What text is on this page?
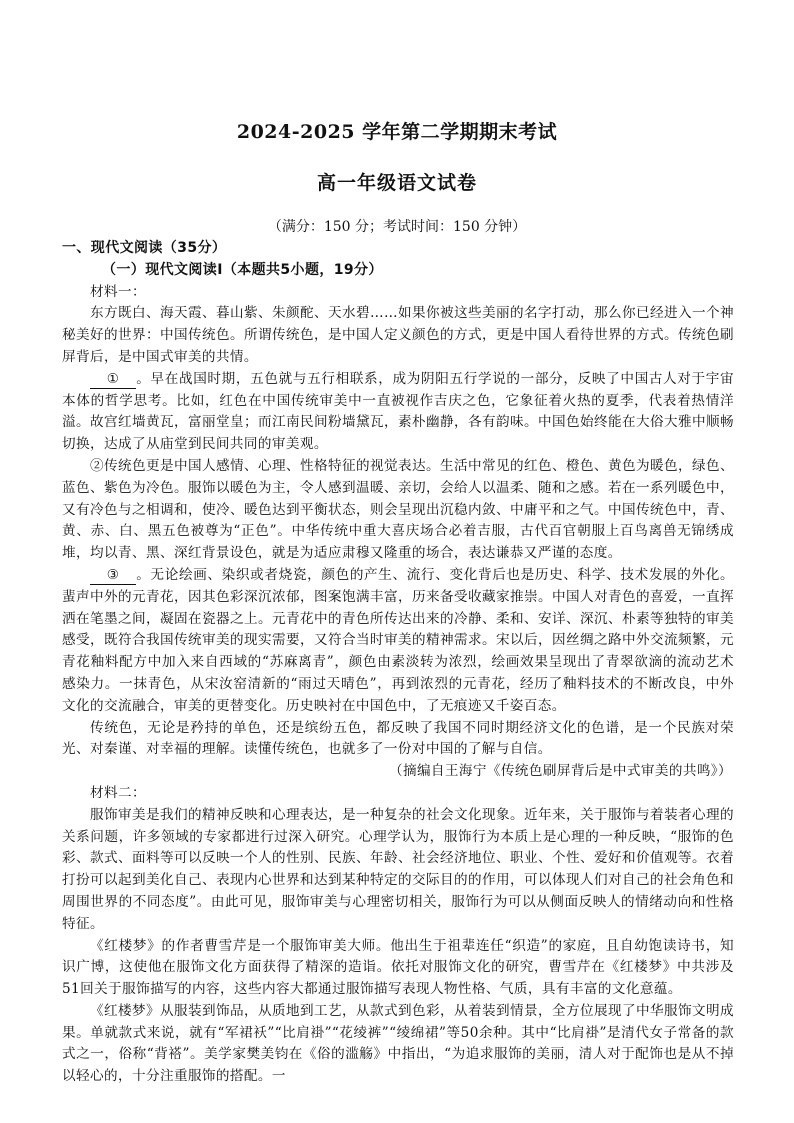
2024-2025 学年第二学期期末考试
高一年级语文试卷
（满分：150 分；考试时间：150 分钟）

一、现代文阅读（35分）

（一）现代文阅读Ⅰ（本题共5小题，19分）

材料一：

东方既白、海天霞、暮山紫、朱颜酡、天水碧……如果你被这些美丽的名字打动，那么你已经进入一个神秘美好的世界：中国传统色。所谓传统色，是中国人定义颜色的方式，更是中国人看待世界的方式。传统色刷屏背后，是中国式审美的共情。

① 。早在战国时期，五色就与五行相联系，成为阴阳五行学说的一部分，反映了中国古人对于宇宙本体的哲学思考。比如，红色在中国传统审美中一直被视作吉庆之色，它象征着火热的夏季，代表着热情洋溢。故宫红墙黄瓦，富丽堂皇；而江南民间粉墙黛瓦，素朴幽静，各有韵味。中国色始终能在大俗大雅中顺畅切换，达成了从庙堂到民间共同的审美观。

②传统色更是中国人感情、心理、性格特征的视觉表达。生活中常见的红色、橙色、黄色为暖色，绿色、蓝色、紫色为冷色。服饰以暖色为主，令人感到温暖、亲切，会给人以温柔、随和之感。若在一系列暖色中，又有冷色与之相调和，使冷、暖色达到平衡状态，则会呈现出沉稳内敛、中庸平和之气。中国传统色中，青、黄、赤、白、黑五色被尊为“正色”。中华传统中重大喜庆场合必着吉服，古代百官朝服上百鸟离兽无锦绣成堆，均以青、黑、深红背景设色，就是为适应肃穆又隆重的场合，表达谦恭又严谨的态度。

③ 。无论绘画、染织或者烧瓷，颜色的产生、流行、变化背后也是历史、科学、技术发展的外化。蜚声中外的元青花，因其色彩深沉浓郁，图案饱满丰富，历来备受收藏家推崇。中国人对青色的喜爱，一直挥洒在笔墨之间，凝固在瓷器之上。元青花中的青色所传达出来的冷静、柔和、安详、深沉、朴素等独特的审美感受，既符合我国传统审美的现实需要，又符合当时审美的精神需求。宋以后，因丝绸之路中外交流频繁，元青花釉料配方中加入来自西域的“苏麻离青”，颜色由素淡转为浓烈，绘画效果呈现出了青翠欲滴的流动艺术感染力。一抹青色，从宋汝窑清新的“雨过天晴色”，再到浓烈的元青花，经历了釉料技术的不断改良，中外文化的交流融合，审美的更替变化。历史映衬在中国色中，了无痕迹又千姿百态。

传统色，无论是矜持的单色，还是缤纷五色，都反映了我国不同时期经济文化的色谱，是一个民族对荣光、对秦谨、对幸福的理解。读懂传统色，也就多了一份对中国的了解与自信。

（摘编自王海宁《传统色刷屏背后是中式审美的共鸣》）

材料二：

服饰审美是我们的精神反映和心理表达，是一种复杂的社会文化现象。近年来，关于服饰与着装者心理的关系问题，许多领域的专家都进行过深入研究。心理学认为，服饰行为本质上是心理的一种反映，“服饰的色彩、款式、面料等可以反映一个人的性别、民族、年龄、社会经济地位、职业、个性、爱好和价值观等。衣着打扮可以起到美化自己、表现内心世界和达到某种特定的交际目的的作用，可以体现人们对自己的社会角色和周围世界的不同态度”。由此可见，服饰审美与心理密切相关，服饰行为可以从侧面反映人的情绪动向和性格特征。

《红楼梦》的作者曹雪芹是一个服饰审美大师。他出生于祖辈连任“织造”的家庭，且自幼饱读诗书，知识广博，这使他在服饰文化方面获得了精深的造诣。依托对服饰文化的研究，曹雪芹在《红楼梦》中共涉及51回关于服饰描写的内容，这些内容大都通过服饰描写表现人物性格、气质，具有丰富的文化意蕴。

《红楼梦》从服装到饰品，从质地到工艺，从款式到色彩，从着装到情景，全方位展现了中华服饰文明成果。单就款式来说，就有“军裙袄”“比肩褂”“花绫裤”“绫绵裙”等50余种。其中“比肩褂”是清代女子常备的款式之一，俗称“背褡”。美学家樊美钧在《俗的滥觞》中指出，“为追求服饰的美丽，清人对于配饰也是从不掉以轻心的，十分注重服饰的搭配。一
